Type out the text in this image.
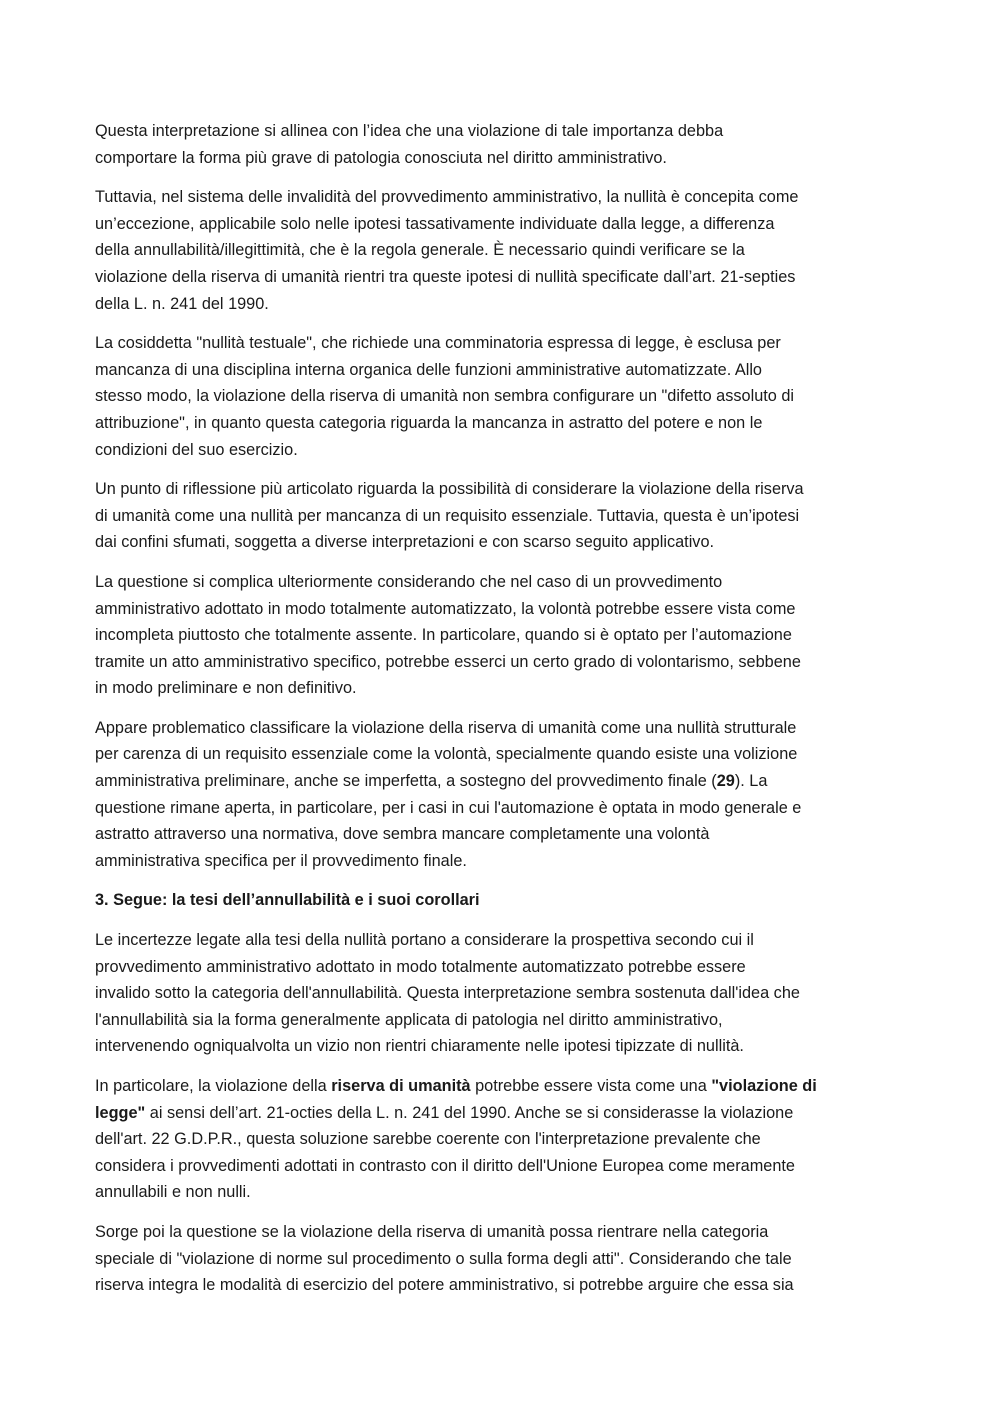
Questa interpretazione si allinea con l’idea che una violazione di tale importanza debba
comportare la forma più grave di patologia conosciuta nel diritto amministrativo.

Tuttavia, nel sistema delle invalidità del provvedimento amministrativo, la nullità è concepita come
un’eccezione, applicabile solo nelle ipotesi tassativamente individuate dalla legge, a differenza
della annullabilità/illegittimità, che è la regola generale. È necessario quindi verificare se la
violazione della riserva di umanità rientri tra queste ipotesi di nullità specificate dall’art. 21-septies
della L. n. 241 del 1990.

La cosiddetta "nullità testuale", che richiede una comminatoria espressa di legge, è esclusa per
mancanza di una disciplina interna organica delle funzioni amministrative automatizzate. Allo
stesso modo, la violazione della riserva di umanità non sembra configurare un "difetto assoluto di
attribuzione", in quanto questa categoria riguarda la mancanza in astratto del potere e non le
condizioni del suo esercizio.

Un punto di riflessione più articolato riguarda la possibilità di considerare la violazione della riserva
di umanità come una nullità per mancanza di un requisito essenziale. Tuttavia, questa è un’ipotesi
dai confini sfumati, soggetta a diverse interpretazioni e con scarso seguito applicativo.

La questione si complica ulteriormente considerando che nel caso di un provvedimento
amministrativo adottato in modo totalmente automatizzato, la volontà potrebbe essere vista come
incompleta piuttosto che totalmente assente. In particolare, quando si è optato per l’automazione
tramite un atto amministrativo specifico, potrebbe esserci un certo grado di volontarismo, sebbene
in modo preliminare e non definitivo.

Appare problematico classificare la violazione della riserva di umanità come una nullità strutturale
per carenza di un requisito essenziale come la volontà, specialmente quando esiste una volizione
amministrativa preliminare, anche se imperfetta, a sostegno del provvedimento finale (29). La
questione rimane aperta, in particolare, per i casi in cui l'automazione è optata in modo generale e
astratto attraverso una normativa, dove sembra mancare completamente una volontà
amministrativa specifica per il provvedimento finale.

3. Segue: la tesi dell’annullabilità e i suoi corollari

Le incertezze legate alla tesi della nullità portano a considerare la prospettiva secondo cui il
provvedimento amministrativo adottato in modo totalmente automatizzato potrebbe essere
invalido sotto la categoria dell'annullabilità. Questa interpretazione sembra sostenuta dall'idea che
l'annullabilità sia la forma generalmente applicata di patologia nel diritto amministrativo,
intervenendo ogniqualvolta un vizio non rientri chiaramente nelle ipotesi tipizzate di nullità.

In particolare, la violazione della riserva di umanità potrebbe essere vista come una "violazione di
legge" ai sensi dell’art. 21-octies della L. n. 241 del 1990. Anche se si considerasse la violazione
dell'art. 22 G.D.P.R., questa soluzione sarebbe coerente con l'interpretazione prevalente che
considera i provvedimenti adottati in contrasto con il diritto dell'Unione Europea come meramente
annullabili e non nulli.

Sorge poi la questione se la violazione della riserva di umanità possa rientrare nella categoria
speciale di "violazione di norme sul procedimento o sulla forma degli atti". Considerando che tale
riserva integra le modalità di esercizio del potere amministrativo, si potrebbe arguire che essa sia
